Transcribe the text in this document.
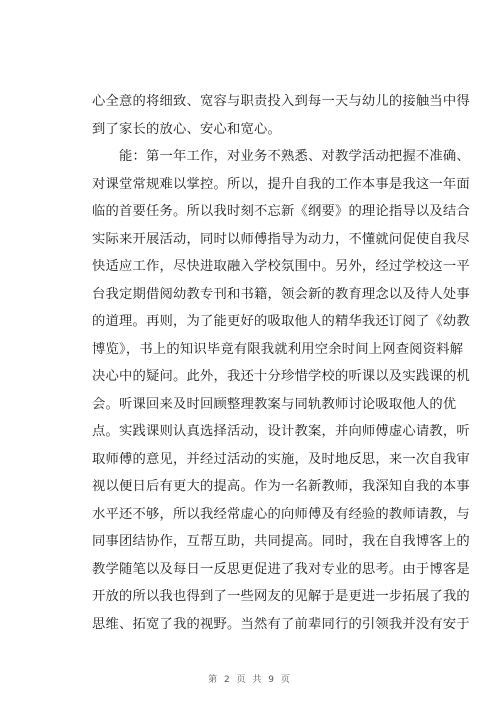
心全意的将细致、宽容与职责投入到每一天与幼儿的接触当中得
到了家长的放心、安心和宽心。
能：第一年工作，对业务不熟悉、对教学活动把握不准确、
对课堂常规难以掌控。所以，提升自我的工作本事是我这一年面
临的首要任务。所以我时刻不忘新《纲要》的理论指导以及结合
实际来开展活动，同时以师傅指导为动力，不懂就问促使自我尽
快适应工作，尽快进取融入学校氛围中。另外，经过学校这一平
台我定期借阅幼教专刊和书籍，领会新的教育理念以及待人处事
的道理。再则，为了能更好的吸取他人的精华我还订阅了《幼教
博览》，书上的知识毕竟有限我就利用空余时间上网查阅资料解
决心中的疑问。此外，我还十分珍惜学校的听课以及实践课的机
会。听课回来及时回顾整理教案与同轨教师讨论吸取他人的优
点。实践课则认真选择活动，设计教案，并向师傅虚心请教，听
取师傅的意见，并经过活动的实施，及时地反思，来一次自我审
视以便日后有更大的提高。作为一名新教师，我深知自我的本事
水平还不够，所以我经常虚心的向师傅及有经验的教师请教，与
同事团结协作，互帮互助，共同提高。同时，我在自我博客上的
教学随笔以及每日一反思更促进了我对专业的思考。由于博客是
开放的所以我也得到了一些网友的见解于是更进一步拓展了我的
思维、拓宽了我的视野。当然有了前辈同行的引领我并没有安于
第 2 页 共 9 页
